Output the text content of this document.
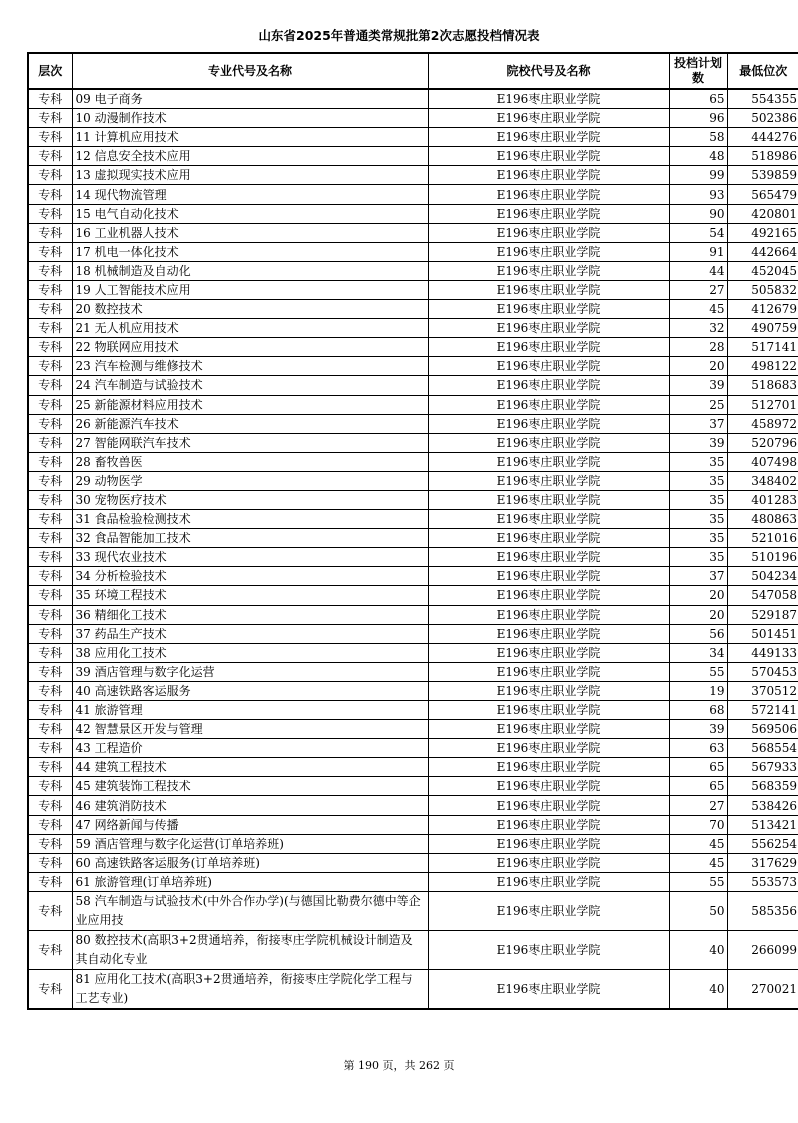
山东省2025年普通类常规批第2次志愿投档情况表
层次	专业代号及名称	院校代号及名称	投档计划数	最低位次
专科	09 电子商务	E196枣庄职业学院	65	554355
专科	10 动漫制作技术	E196枣庄职业学院	96	502386
专科	11 计算机应用技术	E196枣庄职业学院	58	444276
专科	12 信息安全技术应用	E196枣庄职业学院	48	518986
专科	13 虚拟现实技术应用	E196枣庄职业学院	99	539859
专科	14 现代物流管理	E196枣庄职业学院	93	565479
专科	15 电气自动化技术	E196枣庄职业学院	90	420801
专科	16 工业机器人技术	E196枣庄职业学院	54	492165
专科	17 机电一体化技术	E196枣庄职业学院	91	442664
专科	18 机械制造及自动化	E196枣庄职业学院	44	452045
专科	19 人工智能技术应用	E196枣庄职业学院	27	505832
专科	20 数控技术	E196枣庄职业学院	45	412679
专科	21 无人机应用技术	E196枣庄职业学院	32	490759
专科	22 物联网应用技术	E196枣庄职业学院	28	517141
专科	23 汽车检测与维修技术	E196枣庄职业学院	20	498122
专科	24 汽车制造与试验技术	E196枣庄职业学院	39	518683
专科	25 新能源材料应用技术	E196枣庄职业学院	25	512701
专科	26 新能源汽车技术	E196枣庄职业学院	37	458972
专科	27 智能网联汽车技术	E196枣庄职业学院	39	520796
专科	28 畜牧兽医	E196枣庄职业学院	35	407498
专科	29 动物医学	E196枣庄职业学院	35	348402
专科	30 宠物医疗技术	E196枣庄职业学院	35	401283
专科	31 食品检验检测技术	E196枣庄职业学院	35	480863
专科	32 食品智能加工技术	E196枣庄职业学院	35	521016
专科	33 现代农业技术	E196枣庄职业学院	35	510196
专科	34 分析检验技术	E196枣庄职业学院	37	504234
专科	35 环境工程技术	E196枣庄职业学院	20	547058
专科	36 精细化工技术	E196枣庄职业学院	20	529187
专科	37 药品生产技术	E196枣庄职业学院	56	501451
专科	38 应用化工技术	E196枣庄职业学院	34	449133
专科	39 酒店管理与数字化运营	E196枣庄职业学院	55	570453
专科	40 高速铁路客运服务	E196枣庄职业学院	19	370512
专科	41 旅游管理	E196枣庄职业学院	68	572141
专科	42 智慧景区开发与管理	E196枣庄职业学院	39	569506
专科	43 工程造价	E196枣庄职业学院	63	568554
专科	44 建筑工程技术	E196枣庄职业学院	65	567933
专科	45 建筑装饰工程技术	E196枣庄职业学院	65	568359
专科	46 建筑消防技术	E196枣庄职业学院	27	538426
专科	47 网络新闻与传播	E196枣庄职业学院	70	513421
专科	59 酒店管理与数字化运营(订单培养班)	E196枣庄职业学院	45	556254
专科	60 高速铁路客运服务(订单培养班)	E196枣庄职业学院	45	317629
专科	61 旅游管理(订单培养班)	E196枣庄职业学院	55	553573
专科	58 汽车制造与试验技术(中外合作办学)(与德国比勒费尔德中等企业应用技	E196枣庄职业学院	50	585356
专科	80 数控技术(高职3+2贯通培养，衔接枣庄学院机械设计制造及其自动化专业	E196枣庄职业学院	40	266099
专科	81 应用化工技术(高职3+2贯通培养，衔接枣庄学院化学工程与工艺专业)	E196枣庄职业学院	40	270021
第 190 页，共 262 页
